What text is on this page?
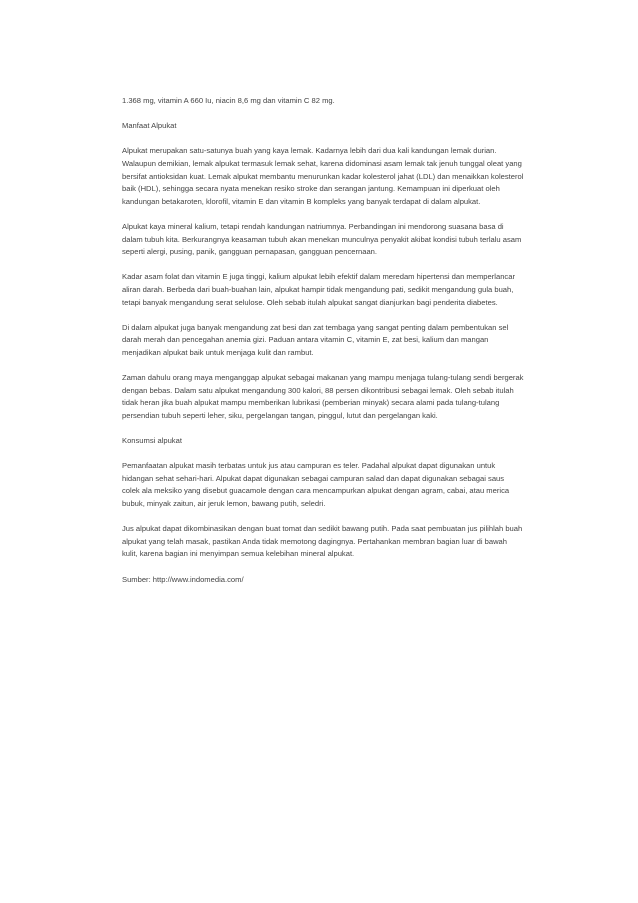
1.368 mg, vitamin A 660 Iu, niacin 8,6 mg dan vitamin C 82 mg.

Manfaat Alpukat

Alpukat merupakan satu-satunya buah yang kaya lemak. Kadarnya lebih dari dua kali kandungan lemak durian.
Walaupun demikian, lemak alpukat termasuk lemak sehat, karena didominasi asam lemak tak jenuh tunggal oleat yang
bersifat antioksidan kuat. Lemak alpukat membantu menurunkan kadar kolesterol jahat (LDL) dan menaikkan kolesterol
baik (HDL), sehingga secara nyata menekan resiko stroke dan serangan jantung. Kemampuan ini diperkuat oleh
kandungan betakaroten, klorofil, vitamin E dan vitamin B kompleks yang banyak terdapat di dalam alpukat.

Alpukat kaya mineral kalium, tetapi rendah kandungan natriumnya. Perbandingan ini mendorong suasana basa di
dalam tubuh kita. Berkurangnya keasaman tubuh akan menekan munculnya penyakit akibat kondisi tubuh terlalu asam
seperti alergi, pusing, panik, gangguan pernapasan, gangguan pencernaan.

Kadar asam folat dan vitamin E juga tinggi, kalium alpukat lebih efektif dalam meredam hipertensi dan memperlancar
aliran darah. Berbeda dari buah-buahan lain, alpukat hampir tidak mengandung pati, sedikit mengandung gula buah,
tetapi banyak mengandung serat selulose. Oleh sebab itulah alpukat sangat dianjurkan bagi penderita diabetes.

Di dalam alpukat juga banyak mengandung zat besi dan zat tembaga yang sangat penting dalam pembentukan sel
darah merah dan pencegahan anemia gizi. Paduan antara vitamin C, vitamin E, zat besi, kalium dan mangan
menjadikan alpukat baik untuk menjaga kulit dan rambut.

Zaman dahulu orang maya menganggap alpukat sebagai makanan yang mampu menjaga tulang-tulang sendi bergerak
dengan bebas. Dalam satu alpukat mengandung 300 kalori, 88 persen dikontribusi sebagai lemak. Oleh sebab itulah
tidak heran jika buah alpukat mampu memberikan lubrikasi (pemberian minyak) secara alami pada tulang-tulang
persendian tubuh seperti leher, siku, pergelangan tangan, pinggul, lutut dan pergelangan kaki.

Konsumsi alpukat

Pemanfaatan alpukat masih terbatas untuk jus atau campuran es teler. Padahal alpukat dapat digunakan untuk
hidangan sehat sehari-hari. Alpukat dapat digunakan sebagai campuran salad dan dapat digunakan sebagai saus
colek ala meksiko yang disebut guacamole dengan cara mencampurkan alpukat dengan agram, cabai, atau merica
bubuk, minyak zaitun, air jeruk lemon, bawang putih, seledri.

Jus alpukat dapat dikombinasikan dengan buat tomat dan sedikit bawang putih. Pada saat pembuatan jus pilihlah buah
alpukat yang telah masak, pastikan Anda tidak memotong dagingnya. Pertahankan membran bagian luar di bawah
kulit, karena bagian ini menyimpan semua kelebihan mineral alpukat.

Sumber: http://www.indomedia.com/
